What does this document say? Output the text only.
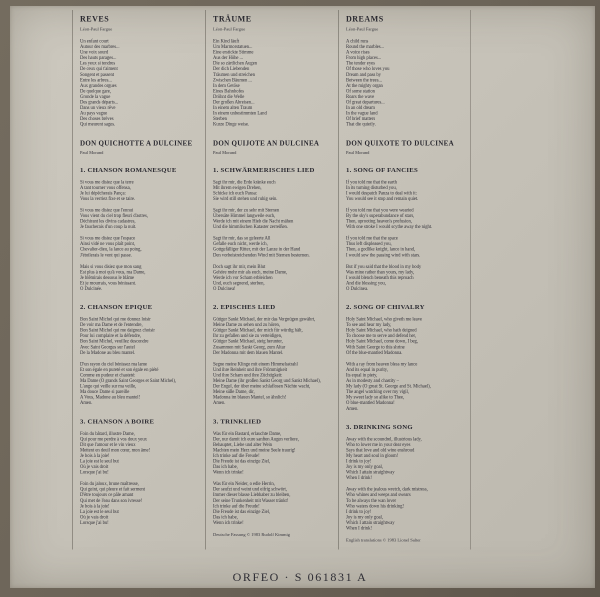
REVES
Léon-Paul Fargue
Un enfant court
Autour des marbres...
Une voix sourd
Des hauts parages...
Les yeux si tendres
De ceux qui t'aiment
Songent et passent
Entre les arbres...
Aux grandes orgues
De quelque gare,
Gronde la vague
Des grands départs...
Dans un vieux rêve
Au pays vague
Des choses brèves
Qui meurent sages.
DON QUICHOTTE A DULCINEE
Paul Morand
1. CHANSON ROMANESQUE
Si vous me disiez que la terre
A tant tourner vous offensa,
Je lui dépêcherais Pança:
Vous la verriez fixe et se taire.
Si vous me disiez que l'ennui
Vous vient du ciel trop fleuri d'astres,
Déchirant les divins cadastres,
Je faucherais d'un coup la nuit.
Si vous me disiez que l'espace
Ainsi vidé ne vous plaît point,
Chevalier-dieu, la lance au poing,
J'étoilerais le vent qui passe.
Mais si vous disiez que mon sang
Est plus à moi qu'à vous, ma Dame,
Je blêmirais dessous le blâme
Et je mourrais, vous bénissant.
O Dulcinée.
2. CHANSON EPIQUE
Bon Saint Michel qui me donnez loisir
De voir ma Dame et de l'entendre,
Bon Saint Michel qui me daignez choisir
Pour lui complaire et la défendre,
Bon Saint Michel, veuillez descendre
Avec Saint Georges sur l'autel
De la Madone au bleu mantel.
D'un rayon du ciel bénissez ma lame
Et son égale en pureté et son égale en piété
Comme en pudeur et chasteté:
Ma Dame (O grands Saint Georges et Saint Michel),
L'ange qui veille sur ma veille,
Ma douce Dame si pareille
A Vous, Madone au bleu mantel!
Amen.
3. CHANSON A BOIRE
Foin du bâtard, illustre Dame,
Qui pour me perdre à vos doux yeux
Dit que l'amour et le vin vieux
Mettent en deuil mon cœur, mon âme!
Je bois à la joie!
La joie est le seul but
Où je vais droit
Lorsque j'ai bu!
Foin du jaloux, brune maîtresse,
Qui geint, qui pleure et fait serment
D'être toujours ce pâle amant
Qui met de l'eau dans son ivresse!
Je bois à la joie!
La joie est le seul but
Où je vais droit
Lorsque j'ai bu!
TRÄUME
Léon-Paul Fargue
Ein Kind läuft
Um Marmorstatuen...
Eine erstickte Stimme
Aus der Höhe ...
Die so zärtlichen Augen
Der dich Liebenden
Träumen und streichen
Zwischen Bäumen ...
In dem Getöse
Eines Bahnhofes
Dröhnt die Welle
Der großen Abreisen...
In einem alten Traum
In einem unbestimmten Land
Sterben
Kurze Dinge weise.
DON QUIJOTE AN DULCINEA
Paul Morand
1. SCHWÄRMERISCHES LIED
Sagt ihr mir, die Erde kränke euch
Mit ihrem ewigen Drehen,
Schicke ich euch Pansa:
Sie wird still stehen und ruhig sein.
Sagt ihr mir, der zu sehr mit Sternen
Übersäte Himmel langweile euch,
Werde ich mit einem Hieb die Nacht mähen
Und die himmlischen Kataster zerreißen.
Sagt ihr mir, das so geleerte All
Gefalle euch nicht, werde ich,
Gottgefälliger Ritter, mit der Lanze in der Hand
Den vorbeistreichenden Wind mit Sternen besternen.
Doch sagt ihr mir, mein Blut
Gehöre mehr mir als euch, meine Dame,
Werde ich vor Scham erbleichen
Und, euch segnend, sterben,
O Dulcinea!
2. EPISCHES LIED
Gütiger Sankt Michael, der mir das Vergnügen gewährt,
Meine Dame zu sehen und zu hören,
Gütiger Sankt Michael, der mich für würdig hält,
Ihr zu gefallen und sie zu verteidigen,
Gütiger Sankt Michael, steig herunter,
Zusammen mit Sankt Georg, zum Altar
Der Madonna mit dem blauen Mantel.
Segne meine Klinge mit einem Himmelsstrahl
Und ihre Reinheit und ihre Frömmigkeit
Und ihre Scham und ihre Züchtigkeit:
Meine Dame (ihr großen Sankt Georg und Sankt Michael),
Der Engel, der über meine schlaflosen Nächte wacht,
Meine süße Dame, dir,
Madonna im blauen Mantel, so ähnlich!
Amen.
3. TRINKLIED
Was für ein Bastard, erlauchte Dame,
Der, nur damit ich eure sanften Augen verliere,
Behauptet, Liebe und alter Wein
Machten mein Herz und meine Seele traurig!
Ich trinke auf die Freude!
Die Freude ist das einzige Ziel,
Das ich habe,
Wenn ich trinke!
Was für ein Neider, o edle Herrin,
Der seufzt und weint und eifrig schwört,
Immer dieser blasse Liebhaber zu bleiben,
Der seine Trunkenheit mit Wasser tränkt!
Ich trinke auf die Freude!
Die Freude ist das einzige Ziel,
Das ich habe,
Wenn ich trinke!
Deutsche Fassung © 1983 Rudolf Kimmig
DREAMS
Léon-Paul Fargue
A child runs
Round the marbles...
A voice rises
From high places...
The tender eyes
Of those who loves you
Dream and pass by
Between the trees...
At the mighty organ
Of some station
Roars the wave
Of great departures...
In an old dream
In the vague land
Of brief matters
That die quietly.
DON QUIXOTE TO DULCINEA
Paul Morand
1. SONG OF FANCIES
If you told me that the earth
In its turning disturbed you,
I would despatch Panza to deal with it:
You would see it stop and remain quiet.
If you told me that you were wearied
By the sky's superabundance of stars,
Then, uprooting heaven's profusion,
With one stroke I would scythe away the night.
If you told me that the space
Thus left displeased you,
Then, a godlike knight, lance in hand,
I would sow the passing wind with stars.
But if you said that the blood in my body
Was mine rather than yours, my lady,
I would blench beneath this reproach
And die blessing you,
O Dulcinea.
2. SONG OF CHIVALRY
Holy Saint Michael, who giveth me leave
To see and hear my lady,
Holy Saint Michael, who hath deigned
To choose me to serve and defend her,
Holy Saint Michael, come down, I beg,
With Saint George to this shrine
Of the blue-mantled Madonna.
With a ray from heaven bless my lance
And its equal in purity,
Its equal in piety,
As in modesty and chastity –
My lady (O great St. George and St. Michael),
The angel watching over my vigil,
My sweet lady so alike to Thee,
O blue-mantled Madonna!
Amen.
3. DRINKING SONG
Away with the scoundrel, illustrious lady,
Who to lower me in your dear eyes
Says that love and old wine enshroud
My heart and soul in gloom!
I drink to joy!
Joy is my only goal,
Which I attain straightway
When I drink!
Away with the jealous wretch, dark mistress,
Who whines and weeps and swears
To be always the wan lover
Who waters down his drinking!
I drink to joy!
Joy is my only goal,
Which I attain straightway
When I drink!
English translations © 1983 Lionel Salter
ORFEO · S 061831 A
